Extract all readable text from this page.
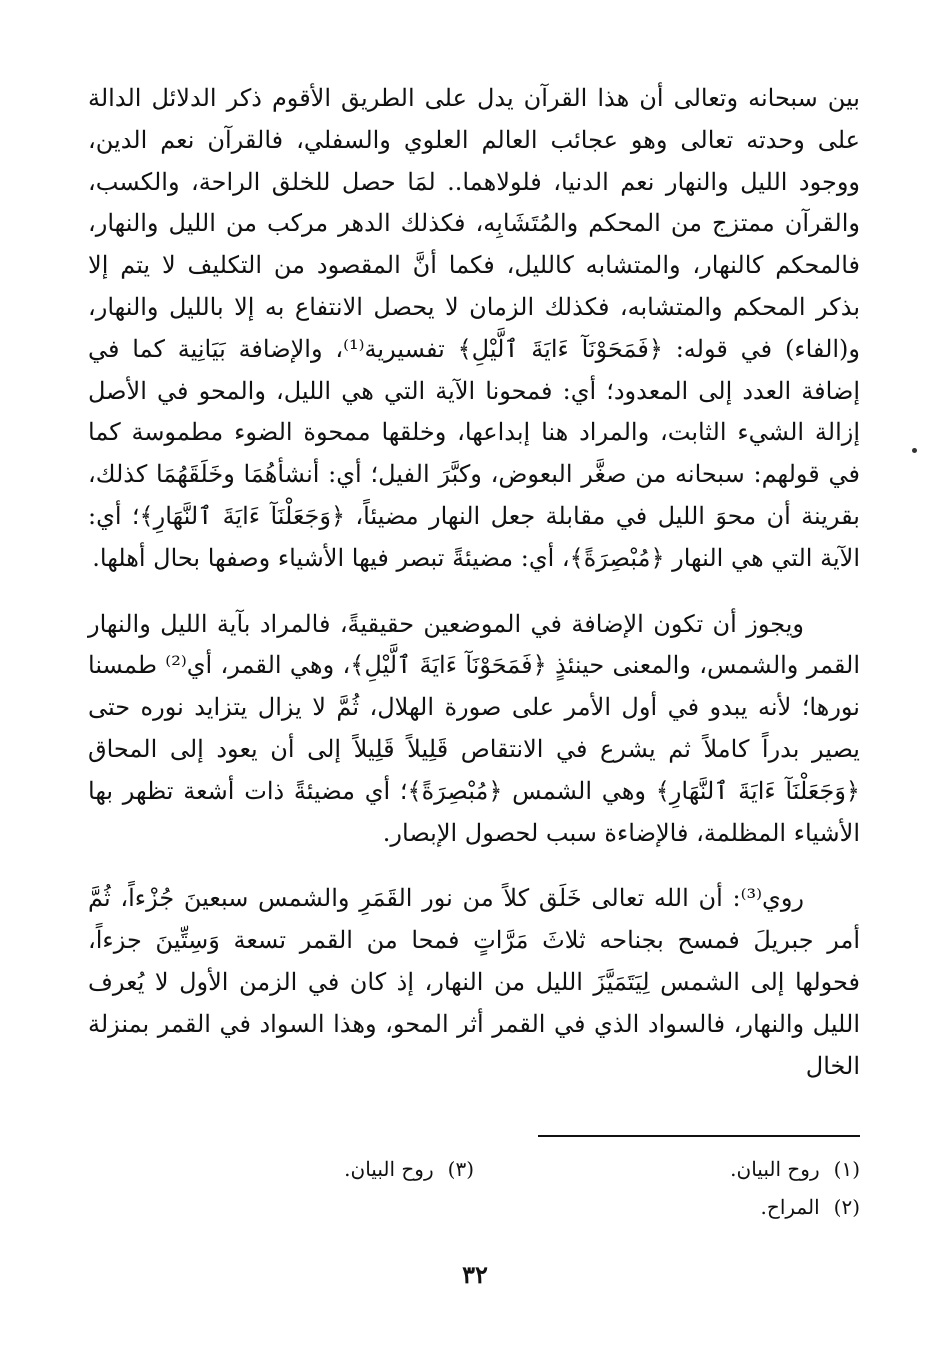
بين سبحانه وتعالى أن هذا القرآن يدل على الطريق الأقوم ذكر الدلائل الدالة على وحدته تعالى وهو عجائب العالم العلوي والسفلي، فالقرآن نعم الدين، ووجود الليل والنهار نعم الدنيا، فلولاهما.. لمَا حصل للخلق الراحة، والكسب، والقرآن ممتزج من المحكم والمُتَشَابِه، فكذلك الدهر مركب من الليل والنهار، فالمحكم كالنهار، والمتشابه كالليل، فكما أنَّ المقصود من التكليف لا يتم إلا بذكر المحكم والمتشابه، فكذلك الزمان لا يحصل الانتفاع به إلا بالليل والنهار، و(الفاء) في قوله: ﴿فَمَحَوْنَآ ءَايَةَ ٱلَّيْلِ﴾ تفسيرية⁽¹⁾، والإضافة بَيَانِية كما في إضافة العدد إلى المعدود؛ أي: فمحونا الآية التي هي الليل، والمحو في الأصل إزالة الشيء الثابت، والمراد هنا إبداعها، وخلقها ممحوة الضوء مطموسة كما في قولهم: سبحانه من صغَّر البعوض، وكبَّرَ الفيل؛ أي: أنشأهُمَا وخَلَقَهُمَا كذلك، بقرينة أن محوَ الليل في مقابلة جعل النهار مضيئاً، ﴿وَجَعَلْنَآ ءَايَةَ ٱلنَّهَارِ﴾؛ أي: الآية التي هي النهار ﴿مُبْصِرَةً﴾، أي: مضيئةً تبصر فيها الأشياء وصفها بحال أهلها.

ويجوز أن تكون الإضافة في الموضعين حقيقيةً، فالمراد بآية الليل والنهار القمر والشمس، والمعنى حينئذٍ ﴿فَمَحَوْنَآ ءَايَةَ ٱلَّيْلِ﴾، وهي القمر، أي⁽²⁾ طمسنا نورها؛ لأنه يبدو في أول الأمر على صورة الهلال، ثُمَّ لا يزال يتزايد نوره حتى يصير بدراً كاملاً ثم يشرع في الانتقاص قَلِيلاً قَلِيلاً إلى أن يعود إلى المحاق ﴿وَجَعَلْنَآ ءَايَةَ ٱلنَّهَارِ﴾ وهي الشمس ﴿مُبْصِرَةً﴾؛ أي مضيئةً ذات أشعة تظهر بها الأشياء المظلمة، فالإضاءة سبب لحصول الإبصار.

روي⁽³⁾: أن الله تعالى خَلَق كلاً من نور القَمَرِ والشمس سبعينَ جُزْءاً، ثُمَّ أمر جبريلَ فمسح بجناحه ثلاثَ مَرَّاتٍ فمحا من القمر تسعة وَسِتِّينَ جزءاً، فحولها إلى الشمس لِيَتَمَيَّزَ الليل من النهار، إذ كان في الزمن الأول لا يُعرف الليل والنهار، فالسواد الذي في القمر أثر المحو، وهذا السواد في القمر بمنزلة الخال

(١)روح البيان.
(٣)روح البيان.
(٢)المراح.
٣٢
